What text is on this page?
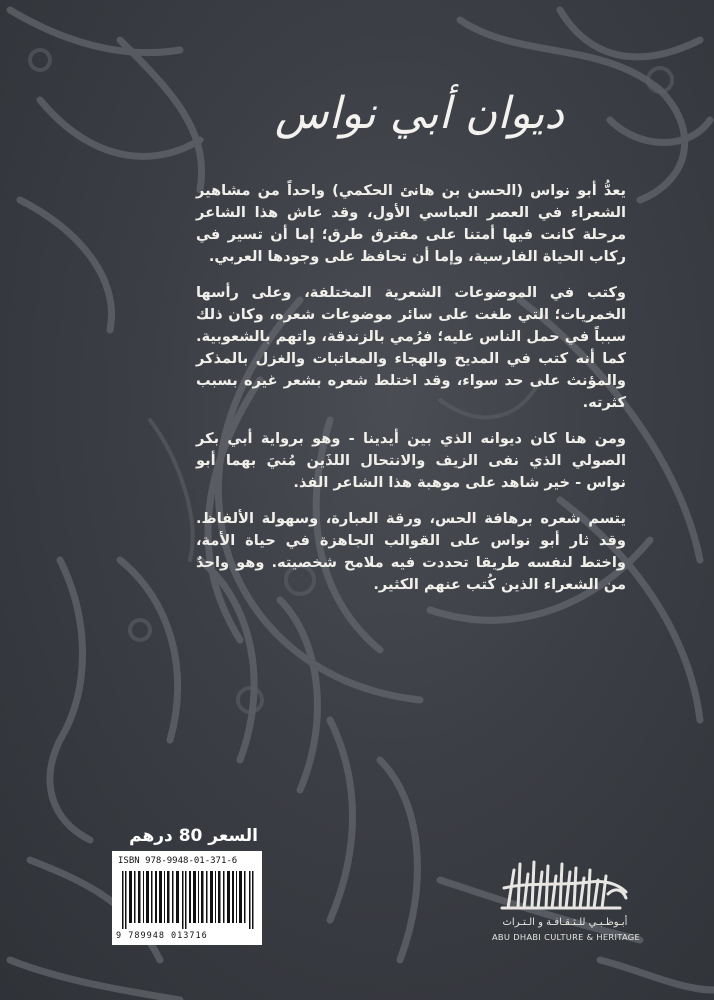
ديوان أبي نواس

يعدُّ أبو نواس (الحسن بن هانئ الحكمي) واحداً من مشاهير الشعراء في العصر العباسي الأول، وقد عاش هذا الشاعر مرحلة كانت فيها أمتنا على مفترق طرق؛ إما أن تسير في ركاب الحياة الفارسية، وإما أن تحافظ على وجودها العربي.

وكتب في الموضوعات الشعرية المختلفة، وعلى رأسها الخمريات؛ التي طغت على سائر موضوعات شعره، وكان ذلك سبباً في حمل الناس عليه؛ فرُمي بالزندقة، واتهم بالشعوبية. كما أنه كتب في المديح والهجاء والمعاتبات والغزل بالمذكر والمؤنث على حد سواء، وقد اختلط شعره بشعر غيره بسبب كثرته.

ومن هنا كان ديوانه الذي بين أيدينا - وهو برواية أبي بكر الصولي الذي نفى الزيف والانتحال اللذَين مُنيَ بهما أبو نواس - خير شاهد على موهبة هذا الشاعر الفذ.

يتسم شعره برهافة الحس، ورقة العبارة، وسهولة الألفاظ. وقد ثار أبو نواس على القوالب الجاهزة في حياة الأمة، واختط لنفسه طريقا تحددت فيه ملامح شخصيته. وهو واحدٌ من الشعراء الذين كُتب عنهم الكثير.

السعر 80 درهم
ISBN 978-9948-01-371-6
9 789948 013716
أبـوظـبـي للـثـقـافـة و الـتـراث
ABU DHABI CULTURE & HERITAGE
